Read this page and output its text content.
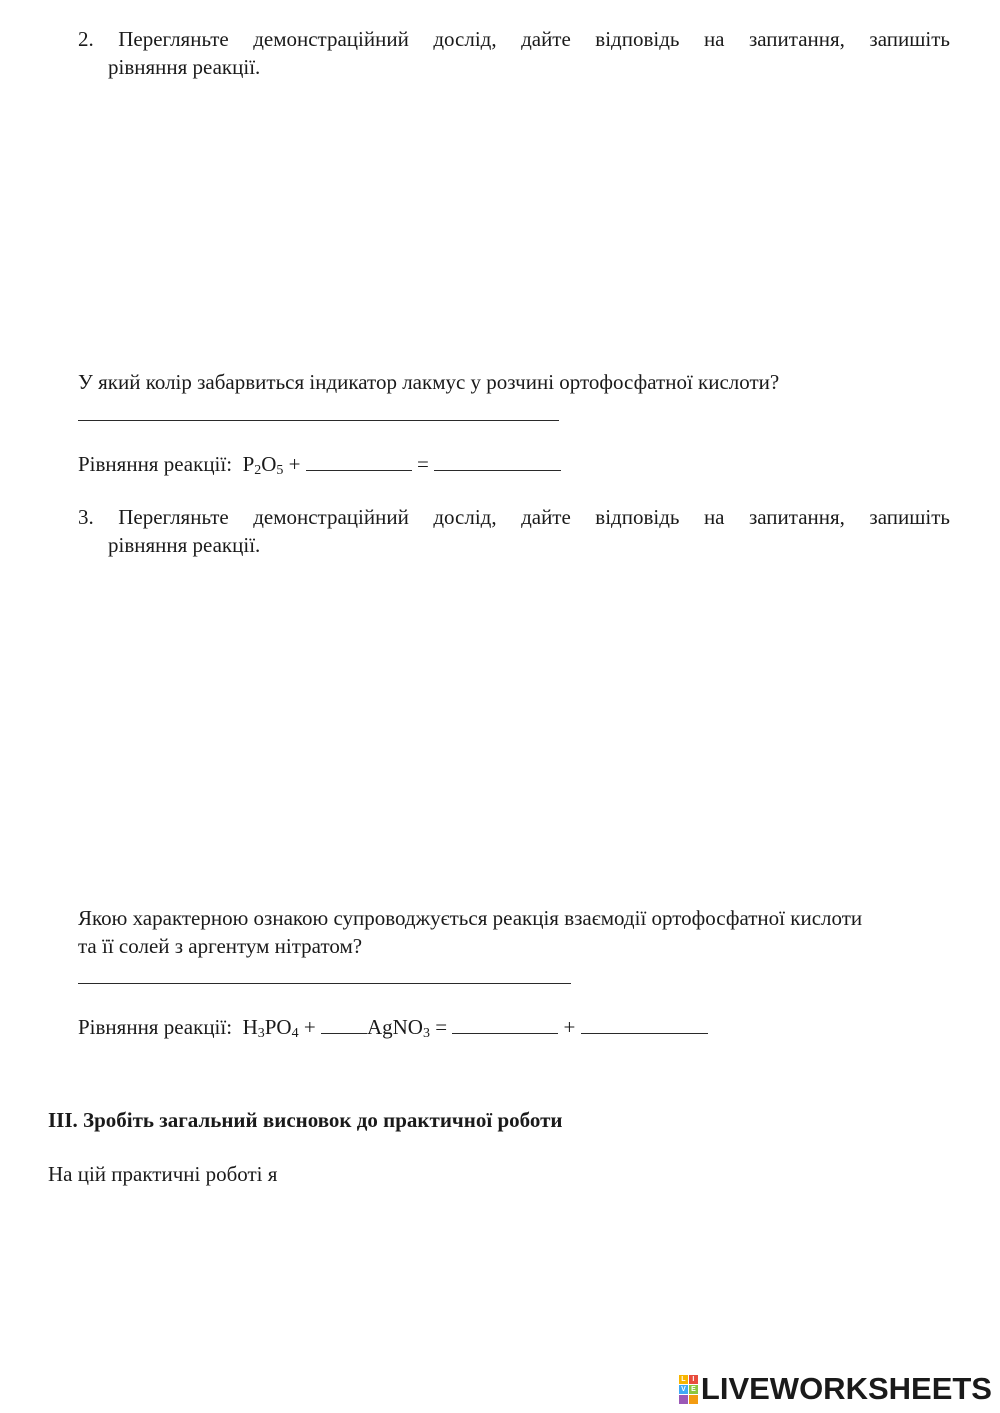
2. Перегляньте демонстраційний дослід, дайте відповідь на запитання, запишіть
рівняння реакції.
У який колір забарвиться індикатор лакмус у розчині ортофосфатної кислоти?
Рівняння реакції: $P_2O_5$ +	=
3. Перегляньте демонстраційний дослід, дайте відповідь на запитання, запишіть
рівняння реакції.
Якою характерною ознакою супроводжується реакція взаємодії ортофосфатної кислоти
та її солей з аргентум нітратом?
Рівняння реакції: $H_3PO_4$ + AgNO$_3$ =	+
III. Зробіть загальний висновок до практичної роботи
На цій практичні роботі я
L I
V E LIVEWORKSHEETS
